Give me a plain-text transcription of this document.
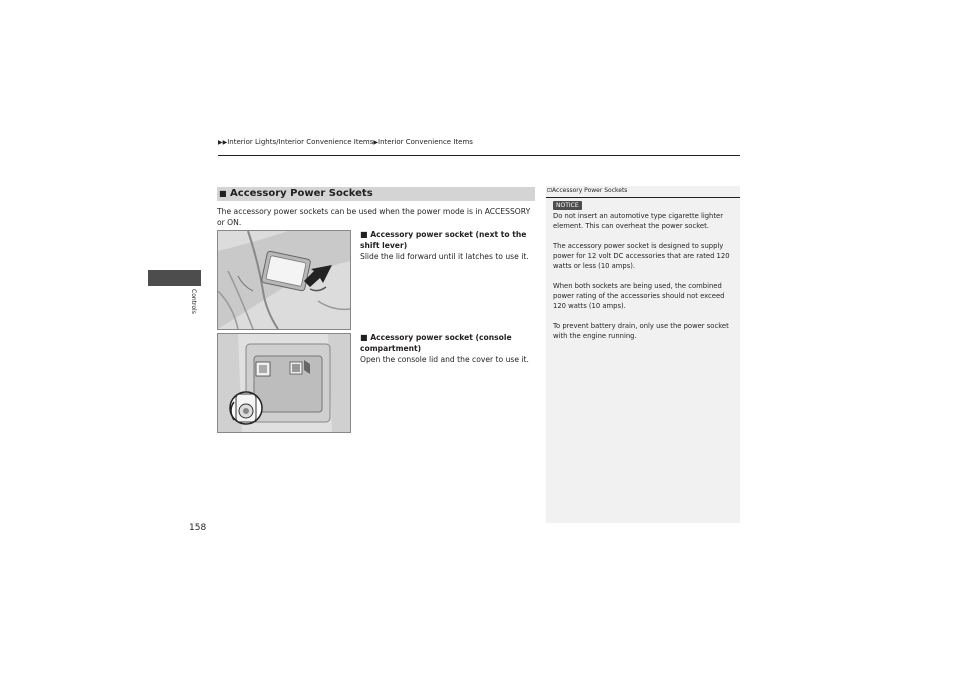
▶▶Interior Lights/Interior Convenience Items▶Interior Convenience Items
Controls
■ Accessory Power Sockets
The accessory power sockets can be used when the power mode is in ACCESSORY or ON.
■ Accessory power socket (next to the shift lever)
Slide the lid forward until it latches to use it.
■ Accessory power socket (console compartment)
Open the console lid and the cover to use it.
⊡Accessory Power Sockets
NOTICE
Do not insert an automotive type cigarette lighter element. This can overheat the power socket.
The accessory power socket is designed to supply power for 12 volt DC accessories that are rated 120 watts or less (10 amps).
When both sockets are being used, the combined power rating of the accessories should not exceed 120 watts (10 amps).
To prevent battery drain, only use the power socket with the engine running.
158
